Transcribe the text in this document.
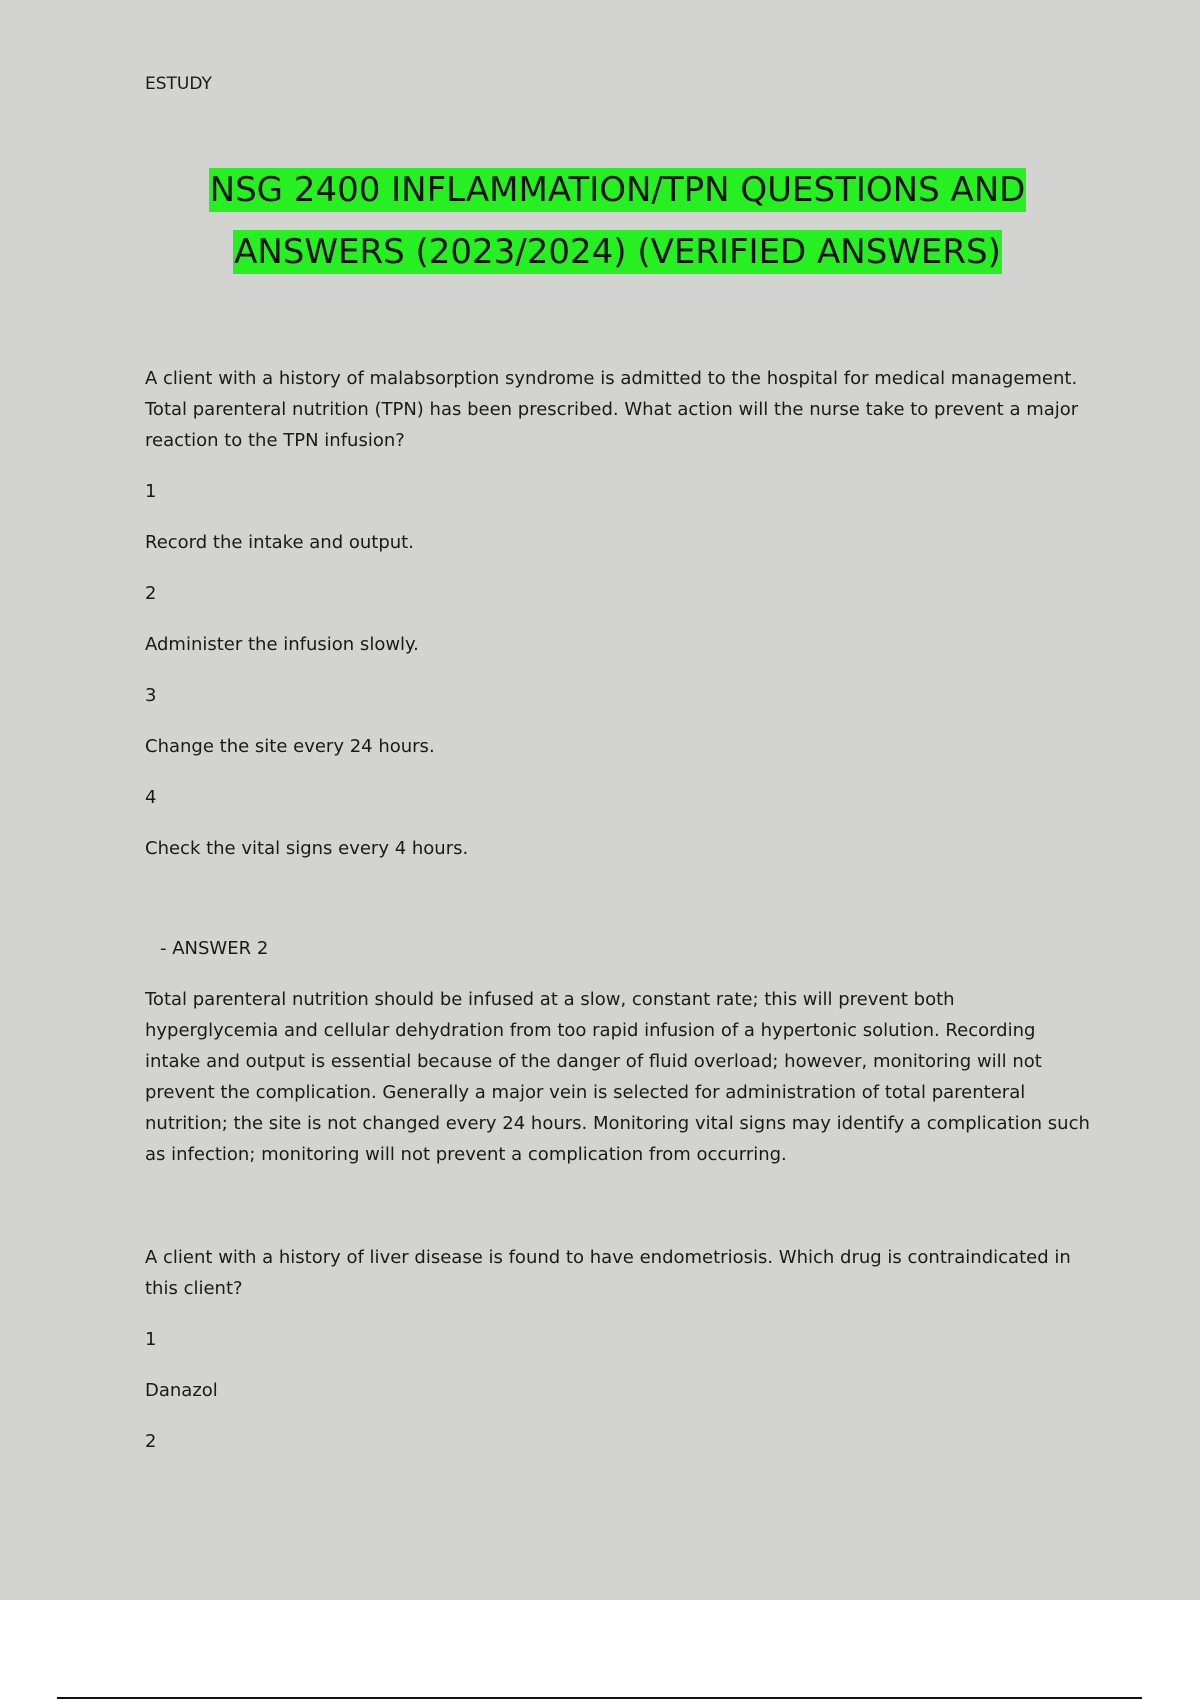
ESTUDY

NSG 2400 INFLAMMATION/TPN QUESTIONS AND
ANSWERS (2023/2024) (VERIFIED ANSWERS)

A client with a history of malabsorption syndrome is admitted to the hospital for medical management. Total parenteral nutrition (TPN) has been prescribed. What action will the nurse take to prevent a major reaction to the TPN infusion?

1

Record the intake and output.

2

Administer the infusion slowly.

3

Change the site every 24 hours.

4

Check the vital signs every 4 hours.

- ANSWER 2

Total parenteral nutrition should be infused at a slow, constant rate; this will prevent both hyperglycemia and cellular dehydration from too rapid infusion of a hypertonic solution. Recording intake and output is essential because of the danger of fluid overload; however, monitoring will not prevent the complication. Generally a major vein is selected for administration of total parenteral nutrition; the site is not changed every 24 hours. Monitoring vital signs may identify a complication such as infection; monitoring will not prevent a complication from occurring.

A client with a history of liver disease is found to have endometriosis. Which drug is contraindicated in this client?

1

Danazol

2
